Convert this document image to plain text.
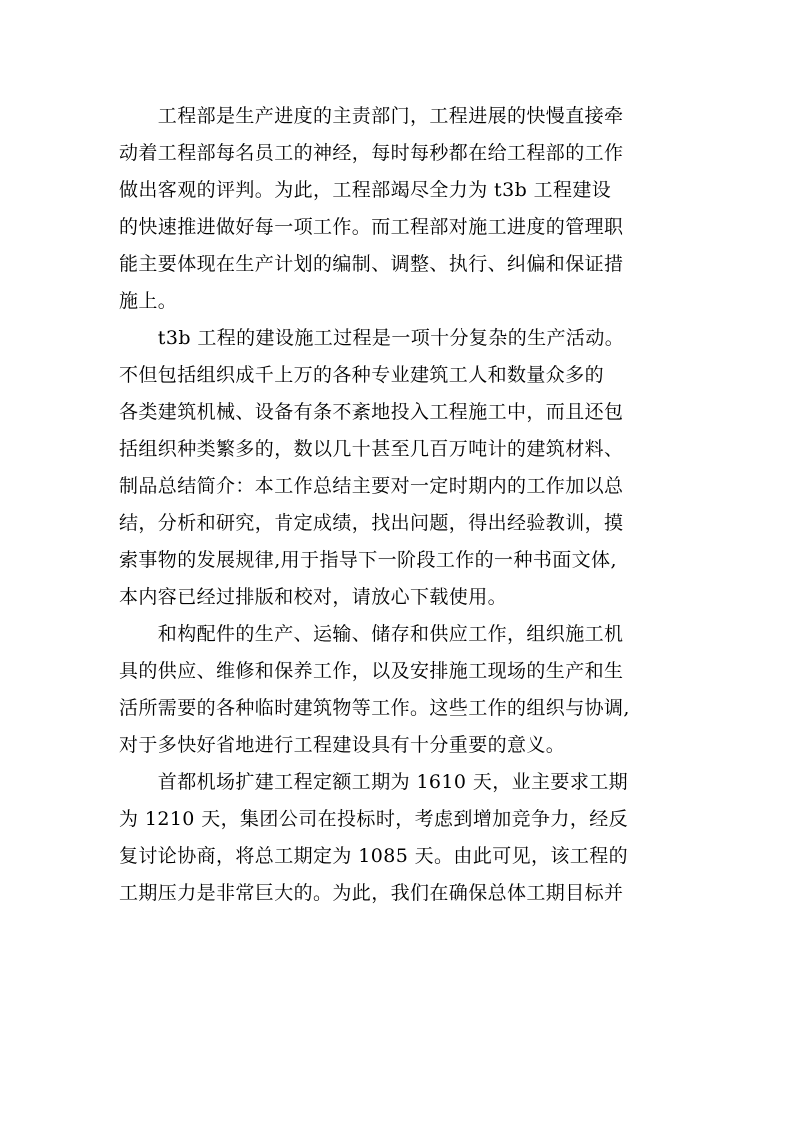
　　工程部是生产进度的主责部门，工程进展的快慢直接牵
动着工程部每名员工的神经，每时每秒都在给工程部的工作
做出客观的评判。为此，工程部竭尽全力为 t3b 工程建设
的快速推进做好每一项工作。而工程部对施工进度的管理职
能主要体现在生产计划的编制、调整、执行、纠偏和保证措
施上。
　　t3b 工程的建设施工过程是一项十分复杂的生产活动。
不但包括组织成千上万的各种专业建筑工人和数量众多的
各类建筑机械、设备有条不紊地投入工程施工中，而且还包
括组织种类繁多的，数以几十甚至几百万吨计的建筑材料、
制品总结简介：本工作总结主要对一定时期内的工作加以总
结，分析和研究，肯定成绩，找出问题，得出经验教训，摸
索事物的发展规律,用于指导下一阶段工作的一种书面文体,
本内容已经过排版和校对，请放心下载使用。
　　和构配件的生产、运输、储存和供应工作，组织施工机
具的供应、维修和保养工作，以及安排施工现场的生产和生
活所需要的各种临时建筑物等工作。这些工作的组织与协调,
对于多快好省地进行工程建设具有十分重要的意义。
　　首都机场扩建工程定额工期为 1610 天，业主要求工期
为 1210 天，集团公司在投标时，考虑到增加竞争力，经反
复讨论协商，将总工期定为 1085 天。由此可见，该工程的
工期压力是非常巨大的。为此，我们在确保总体工期目标并
